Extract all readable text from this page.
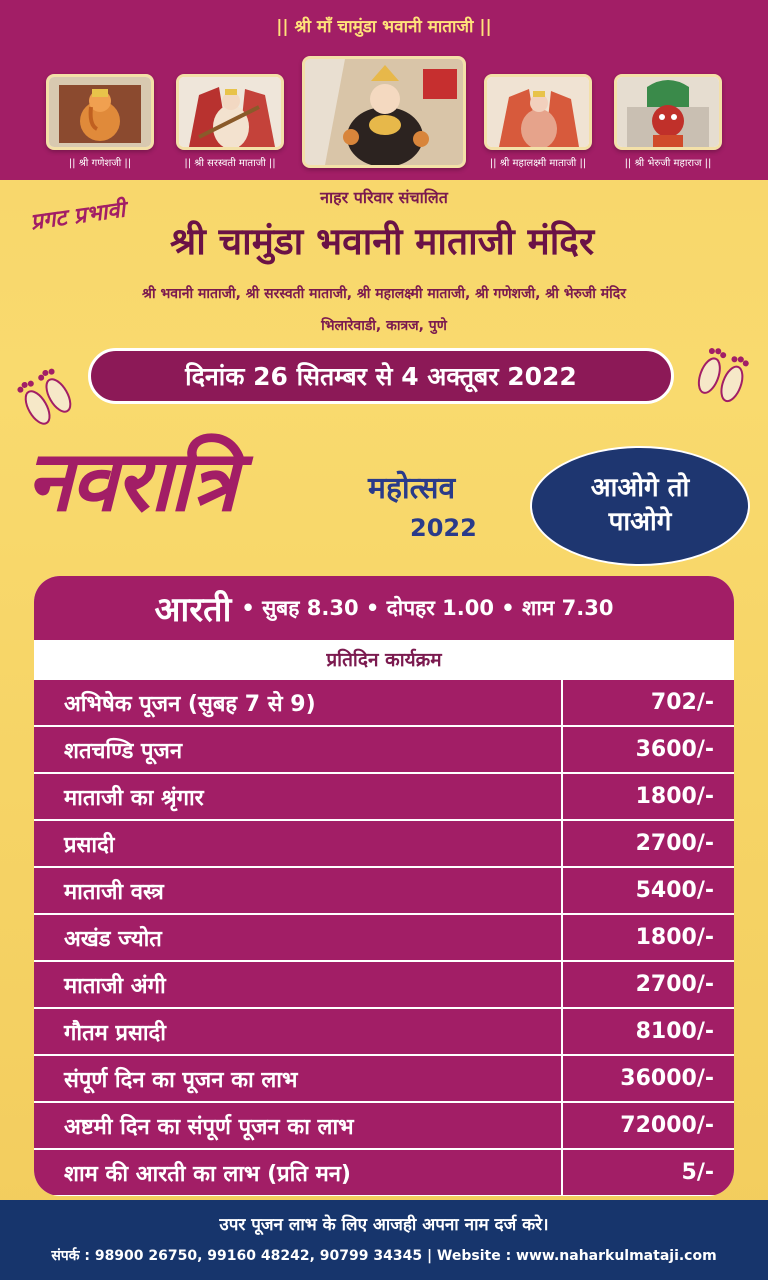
|| श्री माँ चामुंडा भवानी माताजी ||
|| श्री गणेशजी ||	|| श्री सरस्वती माताजी ||	|| श्री महालक्ष्मी माताजी ||	|| श्री भेरुजी महाराज ||
नाहर परिवार संचालित
प्रगट प्रभावी
श्री चामुंडा भवानी माताजी मंदिर
श्री भवानी माताजी, श्री सरस्वती माताजी, श्री महालक्ष्मी माताजी, श्री गणेशजी, श्री भेरुजी मंदिर
भिलारेवाडी, कात्रज, पुणे
दिनांक 26 सितम्बर से 4 अक्तूबर 2022
नवरात्रि	महोत्सव
2022
आओगे तो
पाओगे
आरती • सुबह 8.30 • दोपहर 1.00 • शाम 7.30
प्रतिदिन कार्यक्रम
अभिषेक पूजन (सुबह 7 से 9)	702/-
शतचण्डि पूजन	3600/-
माताजी का श्रृंगार	1800/-
प्रसादी	2700/-
माताजी वस्त्र	5400/-
अखंड ज्योत	1800/-
माताजी अंगी	2700/-
गौतम प्रसादी	8100/-
संपूर्ण दिन का पूजन का लाभ	36000/-
अष्टमी दिन का संपूर्ण पूजन का लाभ	72000/-
शाम की आरती का लाभ (प्रति मन)	5/-
उपर पूजन लाभ के लिए आजही अपना नाम दर्ज करे।
संपर्क : 98900 26750, 99160 48242, 90799 34345 | Website : www.naharkulmataji.com
